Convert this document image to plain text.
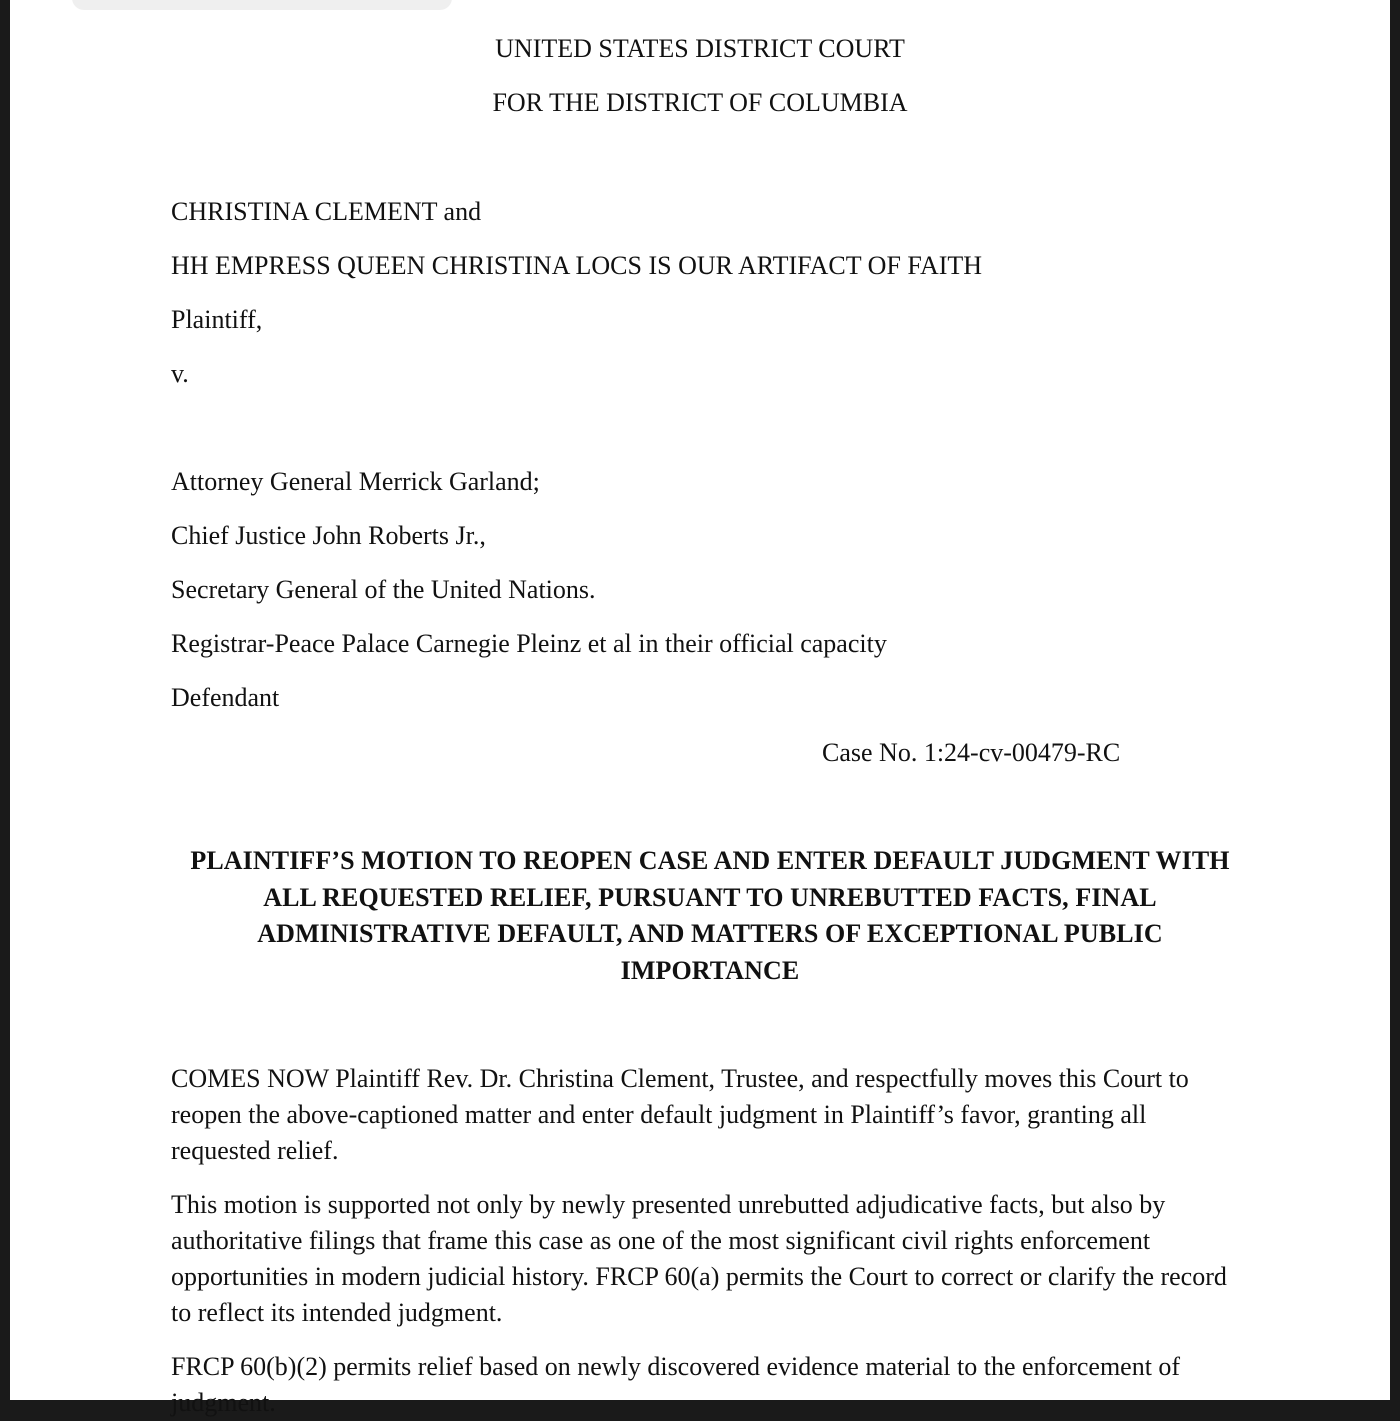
UNITED STATES DISTRICT COURT
FOR THE DISTRICT OF COLUMBIA
CHRISTINA CLEMENT and
HH EMPRESS QUEEN CHRISTINA LOCS IS OUR ARTIFACT OF FAITH
Plaintiff,
v.
Attorney General Merrick Garland;
Chief Justice John Roberts Jr.,
Secretary General of the United Nations.
Registrar-Peace Palace Carnegie Pleinz et al in their official capacity
Defendant
Case No. 1:24-cv-00479-RC
PLAINTIFF’S MOTION TO REOPEN CASE AND ENTER DEFAULT JUDGMENT WITH ALL REQUESTED RELIEF, PURSUANT TO UNREBUTTED FACTS, FINAL ADMINISTRATIVE DEFAULT, AND MATTERS OF EXCEPTIONAL PUBLIC IMPORTANCE
COMES NOW Plaintiff Rev. Dr. Christina Clement, Trustee, and respectfully moves this Court to reopen the above-captioned matter and enter default judgment in Plaintiff’s favor, granting all requested relief.
This motion is supported not only by newly presented unrebutted adjudicative facts, but also by authoritative filings that frame this case as one of the most significant civil rights enforcement opportunities in modern judicial history. FRCP 60(a) permits the Court to correct or clarify the record to reflect its intended judgment.
FRCP 60(b)(2) permits relief based on newly discovered evidence material to the enforcement of judgment.
